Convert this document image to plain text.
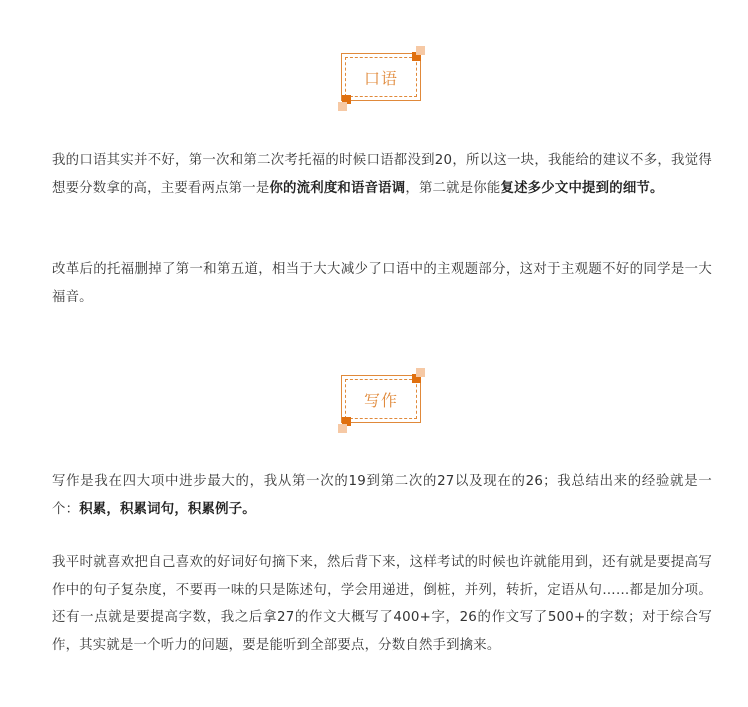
口语

我的口语其实并不好，第一次和第二次考托福的时候口语都没到20，所以这一块，我能给的建议不多，我觉得想要分数拿的高，主要看两点第一是你的流利度和语音语调，第二就是你能复述多少文中提到的细节。

改革后的托福删掉了第一和第五道，相当于大大减少了口语中的主观题部分，这对于主观题不好的同学是一大福音。

写作

写作是我在四大项中进步最大的，我从第一次的19到第二次的27以及现在的26；我总结出来的经验就是一个：积累，积累词句，积累例子。

我平时就喜欢把自己喜欢的好词好句摘下来，然后背下来，这样考试的时候也许就能用到，还有就是要提高写作中的句子复杂度，不要再一味的只是陈述句，学会用递进，倒桩，并列，转折，定语从句……都是加分项。还有一点就是要提高字数，我之后拿27的作文大概写了400+字，26的作文写了500+的字数；对于综合写作，其实就是一个听力的问题，要是能听到全部要点，分数自然手到擒来。
